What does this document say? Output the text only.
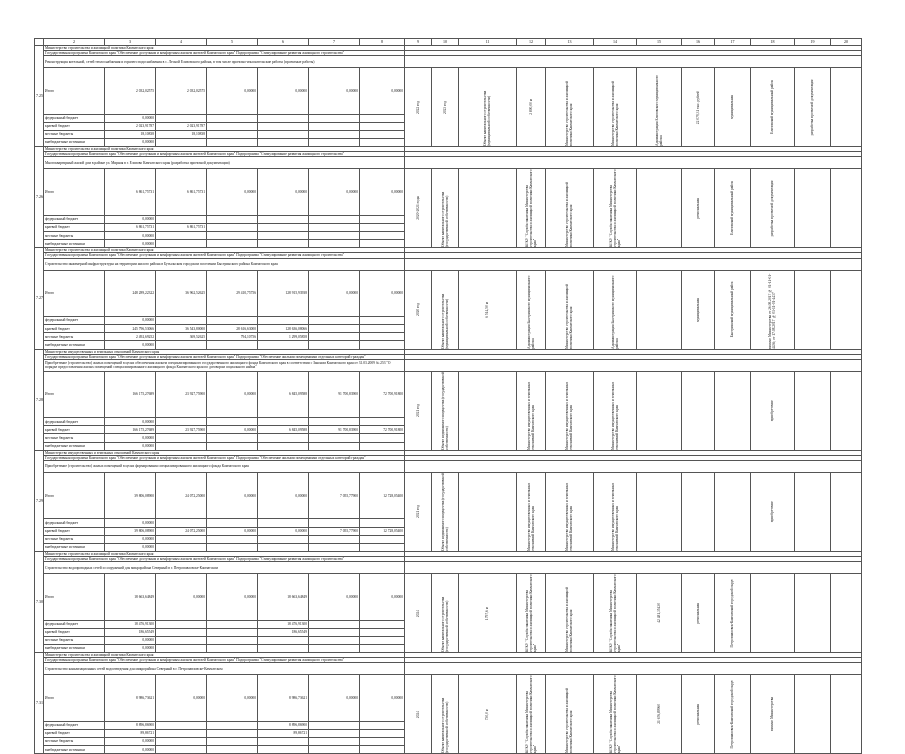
	2	3	4	5	6	7	8	9	10	11	12	13	14	15	16	17	18	19	20
7.25	Министерство строительства и жилищной политики Камчатского края																		
	Государственная программа Камчатского края "Обеспечение доступным и комфортным жильем жителей Камчатского края" Подпрограмма "Стимулирование развития жилищного строительства"																		
	Реконструкция котельной, сетей теплоснабжения и горячего водоснабжения в с. Лесной Елизовского района, в том числе проектно-изыскательские работы (проектные работы)																		
	Итого	2 032,02575	2 032,02575	0,00000	0,00000	0,00000	0,00000	2022 год	2023 год	Объект капитального строительства (муниципальной собственности)	2 800,00 м	Министерство строительства и жилищной политики Камчатского края	Министерство строительства и жилищной политики Камчатского края	Администрация Елизовского муниципального района	22 079,31 тыс. рублей	муниципальная	Елизовский муниципальный район	разработка проектной документации	

	федеральный бюджет	0,00000																	
	краевой бюджет	2 023,91787	2 023,91787																
	местные бюджеты	18,10838	18,10838																
	внебюджетные источники	0,00000																	
7.26	Министерство строительства и жилищной политики Камчатского края																		
	Государственная программа Камчатского края "Обеспечение доступным и комфортным жильем жителей Камчатского края" Подпрограмма "Стимулирование развития жилищного строительства"																		
	Многоквартирный жилой дом в районе ул. Мирная в г. Елизово Камчатского края (разработка проектной документации)																		
	Итого	6 861,75731	6 861,75731	0,00000	0,00000	0,00000	0,00000	2020-2021 годы	Объект капитального строительства (государственной собственности)		КГКУ "Служба заказчика Министерства строительства и жилищной политики Камчатского края"	Министерство строительства и жилищной политики Камчатского края	КГКУ "Служба заказчика Министерства строительства и жилищной политики Камчатского края"		региональная	Елизовский муниципальный район	разработка проектной документации		

	федеральный бюджет	0,00000																	
	краевой бюджет	6 861,75731	6 861,75731																
	местные бюджеты	0,00000																	
	внебюджетные источники	0,00000																	
7.27	Министерство строительства и жилищной политики Камчатского края																		
	Государственная программа Камчатского края "Обеспечение доступным и комфортным жильем жителей Камчатского края" Подпрограмма "Стимулирование развития жилищного строительства"																		
	Строительство инженерной инфраструктуры на территории жилого района в Бутыльском городском поселении Быстринского района Камчатского края																		
	Итого	248 289,22322	36 962,52625	29 410,75756	128 915,93938	0,00000	0,00000	2020 год	Объект капитального строительства (муниципальной собственности)	6 514,50 м	Администрация Быстринского муниципального района	Министерство строительства и жилищной политики Камчатского края	Администрация Быстринского муниципального района		муниципальная	Быстринский муниципальный район	письмо Министерства от 26.08.2017 № 01-11-01-4436; от 17.08.2017 № 01-11-01-4437		

	федеральный бюджет	0,00000																	
	краевой бюджет	245 796,53066	36 543,80000	28 616,63000	128 636,08066														
	местные бюджеты	2 492,69252	369,52625	794,10756	1 299,05858														
	внебюджетные источники	0,00000																	
7.28	Министерство имущественных и земельных отношений Камчатского края																		
	Государственная программа Камчатского края "Обеспечение доступным и комфортным жильем жителей Камчатского края" Подпрограмма "Обеспечение жилыми помещениями отдельных категорий граждан"																		
	Приобретение (строительство) жилых помещений в целях обеспечения жильем специализированного государственного жилищного фонда Камчатского края в соответствии с Законом Камчатского края от 31.03.2009 № 253 "О порядке предоставления жилых помещений специализированного жилищного фонда Камчатского края по договорам социального найма"																		
	Итого	166 175,27689	23 927,75900	0,00000	6 845,09588	91 700,83900	72 700,91800	2021 год	Объект недвижимого имущества (государственной собственности)		Министерство имущественных и земельных отношений Камчатского края	Министерство имущественных и земельных отношений Камчатского края	Министерство имущественных и земельных отношений Камчатского края				приобретение		

	федеральный бюджет	0,00000																	
	краевой бюджет	166 175,27689	23 927,75900	0,00000	6 845,09588	91 700,83900	72 700,91800												
	местные бюджеты	0,00000																	
	внебюджетные источники	0,00000																	
7.29	Министерство имущественных и земельных отношений Камчатского края																		
	Государственная программа Камчатского края "Обеспечение доступным и комфортным жильем жителей Камчатского края" Подпрограмма "Обеспечение жилыми помещениями отдельных категорий граждан"																		
	Приобретение (строительство) жилых помещений в целях формирования специализированного жилищного фонда Камчатского края																		
	Итого	39 806,08900	24 072,25000	0,00000	0,00000	7 055,77900	12 728,05400	2021 год	Объект недвижимого имущества (государственной собственности)		Министерство имущественных и земельных отношений Камчатского края	Министерство имущественных и земельных отношений Камчатского края	Министерство имущественных и земельных отношений Камчатского края				приобретение		

	федеральный бюджет	0,00000																	
	краевой бюджет	39 806,08900	24 072,25000	0,00000	0,00000	7 055,77900	12 728,05400												
	местные бюджеты	0,00000																	
	внебюджетные источники	0,00000																	
7.30	Министерство строительства и жилищной политики Камчатского края																		
	Государственная программа Камчатского края "Обеспечение доступным и комфортным жильем жителей Камчатского края" Подпрограмма "Стимулирование развития жилищного строительства"																		
	Строительство водопроводных сетей и сооружений для микрорайона Северный в г. Петропавловске-Камчатском																		
	Итого	18 663,64849	0,00000	0,00000	18 663,64849	0,00000	0,00000	2024	Объект капитального строительства (государственной собственности)	1797,6 м	КГКУ "Служба заказчика Министерства строительства и жилищной политики Камчатского края"	Министерство строительства и жилищной политики Камчатского края	КГКУ "Служба заказчика Министерства строительства и жилищной политики Камчатского края"	42 481,35430	региональная	Петропавловск-Камчатский городской округ			

	федеральный бюджет	18 476,91300			18 476,91300														
	краевой бюджет	186,65549			186,65549														
	местные бюджеты	0,00000																	
	внебюджетные источники	0,00000																	
7.31	Министерство строительства и жилищной политики Камчатского края																		
	Государственная программа Камчатского края "Обеспечение доступным и комфортным жильем жителей Камчатского края" Подпрограмма "Стимулирование развития жилищного строительства"																		
	Строительство канализационных сетей водоотведения для микрорайона Северный в г. Петропавловске-Камчатском																		
	Итого	8 986,73621	0,00000	0,00000	8 986,73621	0,00000	0,00000	2024	Объект капитального строительства (государственной собственности)	730,0 м	КГКУ "Служба заказчика Министерства строительства и жилищной политики Камчатского края"	Министерство строительства и жилищной политики Камчатского края	КГКУ "Служба заказчика Министерства строительства и жилищной политики Камчатского края"	21 676,89960	региональная	Петропавловск-Камчатский городской округ	письмо Министерства		

	федеральный бюджет	8 896,86900			8 896,86900														
	краевой бюджет	89,86721			89,86721														
	местные бюджеты	0,00000																	
	внебюджетные источники	0,00000																	
